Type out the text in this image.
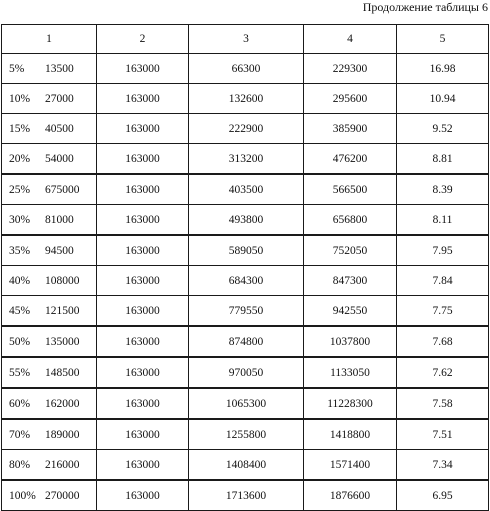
Продолжение таблицы 6
1	2	3	4	5
5% 13500	163000	66300	229300	16.98
10% 27000	163000	132600	295600	10.94
15% 40500	163000	222900	385900	9.52
20% 54000	163000	313200	476200	8.81
25% 675000	163000	403500	566500	8.39
30% 81000	163000	493800	656800	8.11
35% 94500	163000	589050	752050	7.95
40% 108000	163000	684300	847300	7.84
45% 121500	163000	779550	942550	7.75
50% 135000	163000	874800	1037800	7.68
55% 148500	163000	970050	1133050	7.62
60% 162000	163000	1065300	11228300	7.58
70% 189000	163000	1255800	1418800	7.51
80% 216000	163000	1408400	1571400	7.34
100% 270000	163000	1713600	1876600	6.95
